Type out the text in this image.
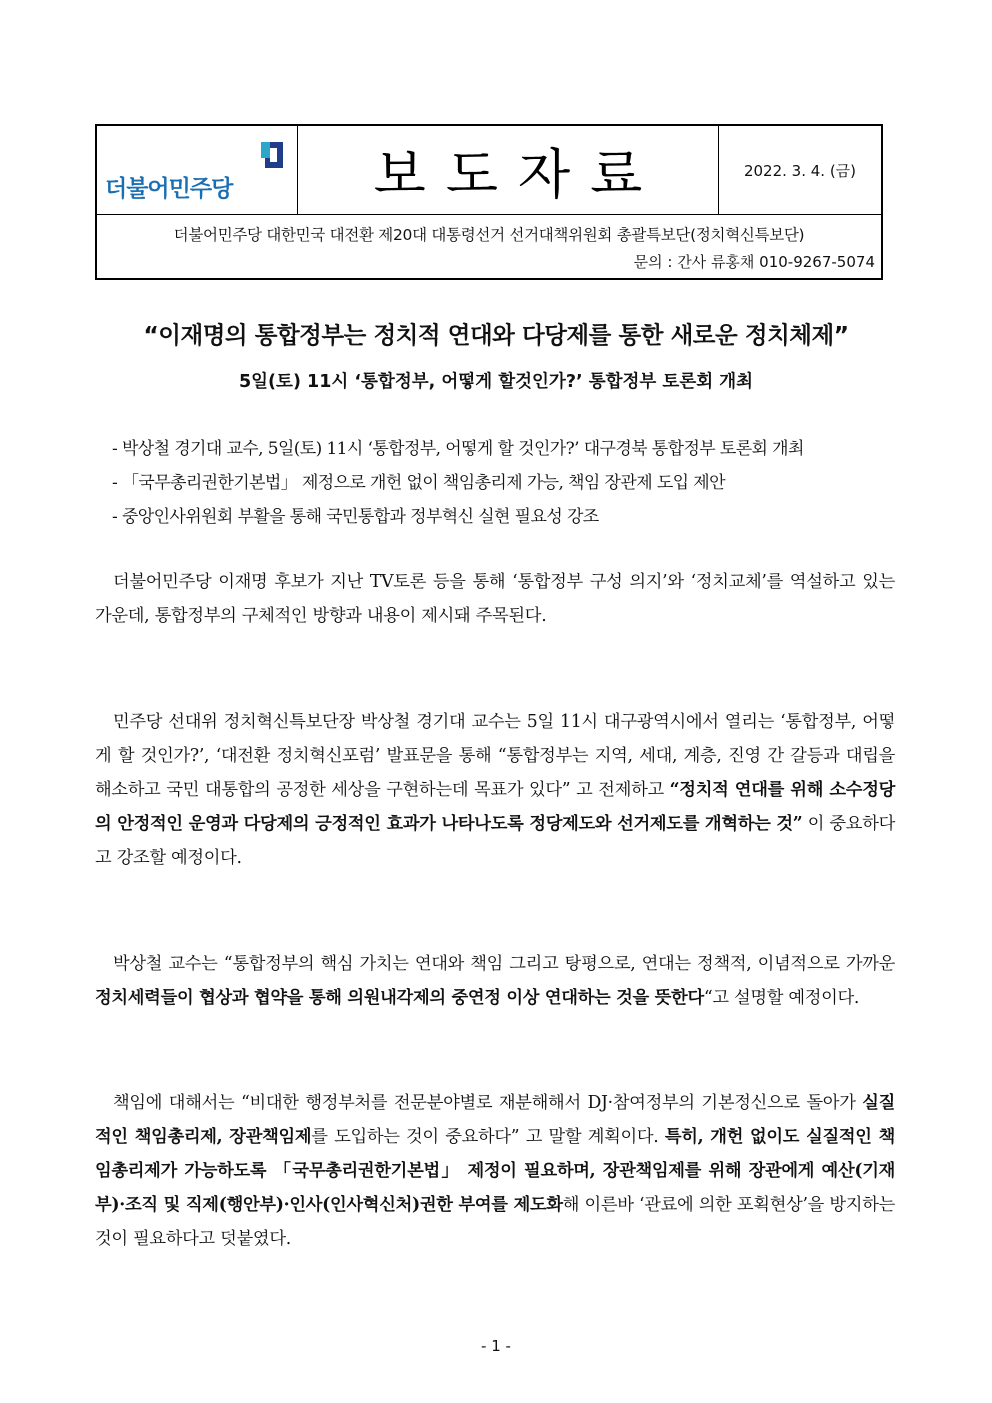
더불어민주당	보도자료	2022. 3. 4. (금)
더불어민주당 대한민국 대전환 제20대 대통령선거 선거대책위원회 총괄특보단(정치혁신특보단)
문의 : 간사 류홍채 010-9267-5074
“이재명의 통합정부는 정치적 연대와 다당제를 통한 새로운 정치체제”
5일(토) 11시 ‘통합정부, 어떻게 할것인가?’ 통합정부 토론회 개최
- 박상철 경기대 교수, 5일(토) 11시 ‘통합정부, 어떻게 할 것인가?’ 대구경북 통합정부 토론회 개최
- 「국무총리권한기본법」 제정으로 개헌 없이 책임총리제 가능, 책임 장관제 도입 제안
- 중앙인사위원회 부활을 통해 국민통합과 정부혁신 실현 필요성 강조
더불어민주당 이재명 후보가 지난 TV토론 등을 통해 ‘통합정부 구성 의지’와 ‘정치교체’를 역설하고 있는 가운데, 통합정부의 구체적인 방향과 내용이 제시돼 주목된다.
민주당 선대위 정치혁신특보단장 박상철 경기대 교수는 5일 11시 대구광역시에서 열리는 ‘통합정부, 어떻게 할 것인가?’, ‘대전환 정치혁신포럼’ 발표문을 통해 “통합정부는 지역, 세대, 계층, 진영 간 갈등과 대립을 해소하고 국민 대통합의 공정한 세상을 구현하는데 목표가 있다” 고 전제하고 “정치적 연대를 위해 소수정당의 안정적인 운영과 다당제의 긍정적인 효과가 나타나도록 정당제도와 선거제도를 개혁하는 것” 이 중요하다고 강조할 예정이다.
박상철 교수는 “통합정부의 핵심 가치는 연대와 책임 그리고 탕평으로, 연대는 정책적, 이념적으로 가까운 정치세력들이 협상과 협약을 통해 의원내각제의 중연정 이상 연대하는 것을 뜻한다“고 설명할 예정이다.
책임에 대해서는 “비대한 행정부처를 전문분야별로 재분해해서 DJ·참여정부의 기본정신으로 돌아가 실질적인 책임총리제, 장관책임제를 도입하는 것이 중요하다” 고 말할 계획이다. 특히, 개헌 없이도 실질적인 책임총리제가 가능하도록 「국무총리권한기본법」 제정이 필요하며, 장관책임제를 위해 장관에게 예산(기재부)·조직 및 직제(행안부)·인사(인사혁신처)권한 부여를 제도화해 이른바 ‘관료에 의한 포획현상’을 방지하는 것이 필요하다고 덧붙였다.
- 1 -
